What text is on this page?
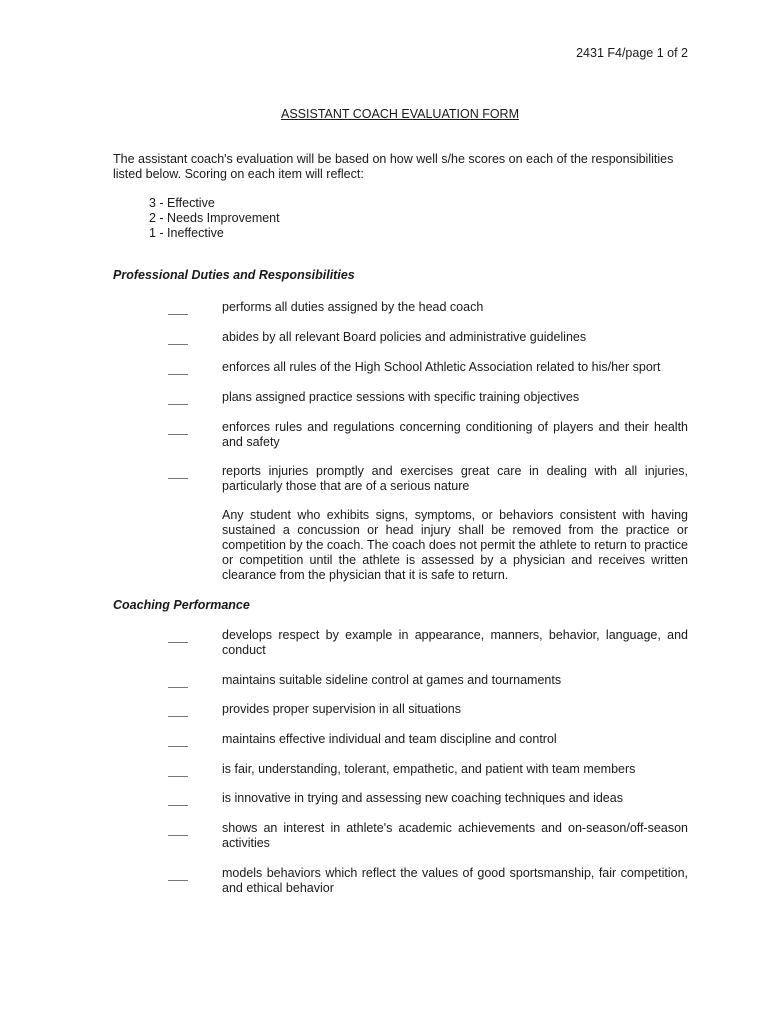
2431 F4/page 1 of 2
ASSISTANT COACH EVALUATION FORM
The assistant coach's evaluation will be based on how well s/he scores on each of the responsibilities listed below. Scoring on each item will reflect:
3 - Effective
2 - Needs Improvement
1 - Ineffective
Professional Duties and Responsibilities
performs all duties assigned by the head coach
abides by all relevant Board policies and administrative guidelines
enforces all rules of the High School Athletic Association related to his/her sport
plans assigned practice sessions with specific training objectives
enforces rules and regulations concerning conditioning of players and their health and safety
reports injuries promptly and exercises great care in dealing with all injuries, particularly those that are of a serious nature
Any student who exhibits signs, symptoms, or behaviors consistent with having sustained a concussion or head injury shall be removed from the practice or competition by the coach. The coach does not permit the athlete to return to practice or competition until the athlete is assessed by a physician and receives written clearance from the physician that it is safe to return.
Coaching Performance
develops respect by example in appearance, manners, behavior, language, and conduct
maintains suitable sideline control at games and tournaments
provides proper supervision in all situations
maintains effective individual and team discipline and control
is fair, understanding, tolerant, empathetic, and patient with team members
is innovative in trying and assessing new coaching techniques and ideas
shows an interest in athlete's academic achievements and on-season/off-season activities
models behaviors which reflect the values of good sportsmanship, fair competition, and ethical behavior
